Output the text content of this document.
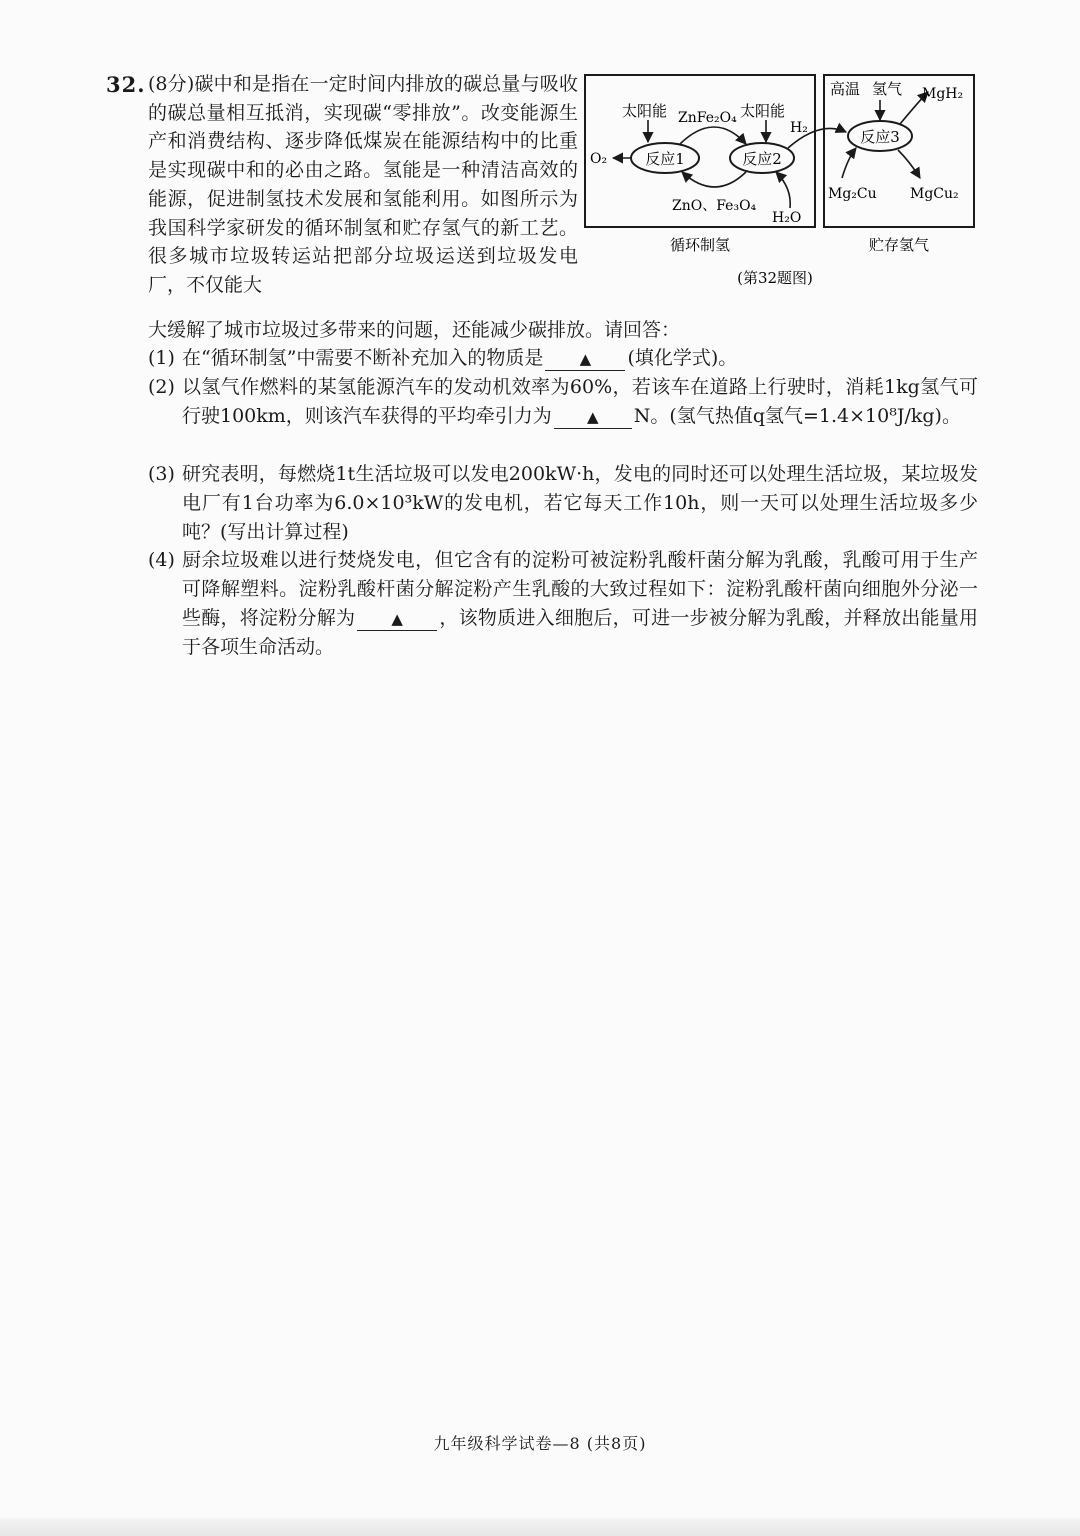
32. (8分)碳中和是指在一定时间内排放的碳总量与吸收的碳总量相互抵消，实现碳“零排放”。改变能源生产和消费结构、逐步降低煤炭在能源结构中的比重是实现碳中和的必由之路。氢能是一种清洁高效的能源，促进制氢技术发展和氢能利用。如图所示为我国科学家研发的循环制氢和贮存氢气的新工艺。很多城市垃圾转运站把部分垃圾运送到垃圾发电厂，不仅能大
大缓解了城市垃圾过多带来的问题，还能减少碳排放。请回答：
太阳能 ZnFe₂O₄ 太阳能
H₂
O₂	反应1	反应2
ZnO、Fe₃O₄
H₂O
高温 氢气 MgH₂
反应3
Mg₂Cu MgCu₂
循环制氢	贮存氢气
(第32题图)
(1) 在“循环制氢”中需要不断补充加入的物质是 ▲ (填化学式)。
(2) 以氢气作燃料的某氢能源汽车的发动机效率为60%，若该车在道路上行驶时，消耗1kg氢气可行驶100km，则该汽车获得的平均牵引力为 ▲ N。(氢气热值q氢气=1.4×10⁸J/kg)。
(3) 研究表明，每燃烧1t生活垃圾可以发电200kW·h，发电的同时还可以处理生活垃圾，某垃圾发电厂有1台功率为6.0×10³kW的发电机，若它每天工作10h，则一天可以处理生活垃圾多少吨？(写出计算过程)
(4) 厨余垃圾难以进行焚烧发电，但它含有的淀粉可被淀粉乳酸杆菌分解为乳酸，乳酸可用于生产可降解塑料。淀粉乳酸杆菌分解淀粉产生乳酸的大致过程如下：淀粉乳酸杆菌向细胞外分泌一些酶，将淀粉分解为 ▲ ，该物质进入细胞后，可进一步被分解为乳酸，并释放出能量用于各项生命活动。
九年级科学试卷—8 (共8页)
